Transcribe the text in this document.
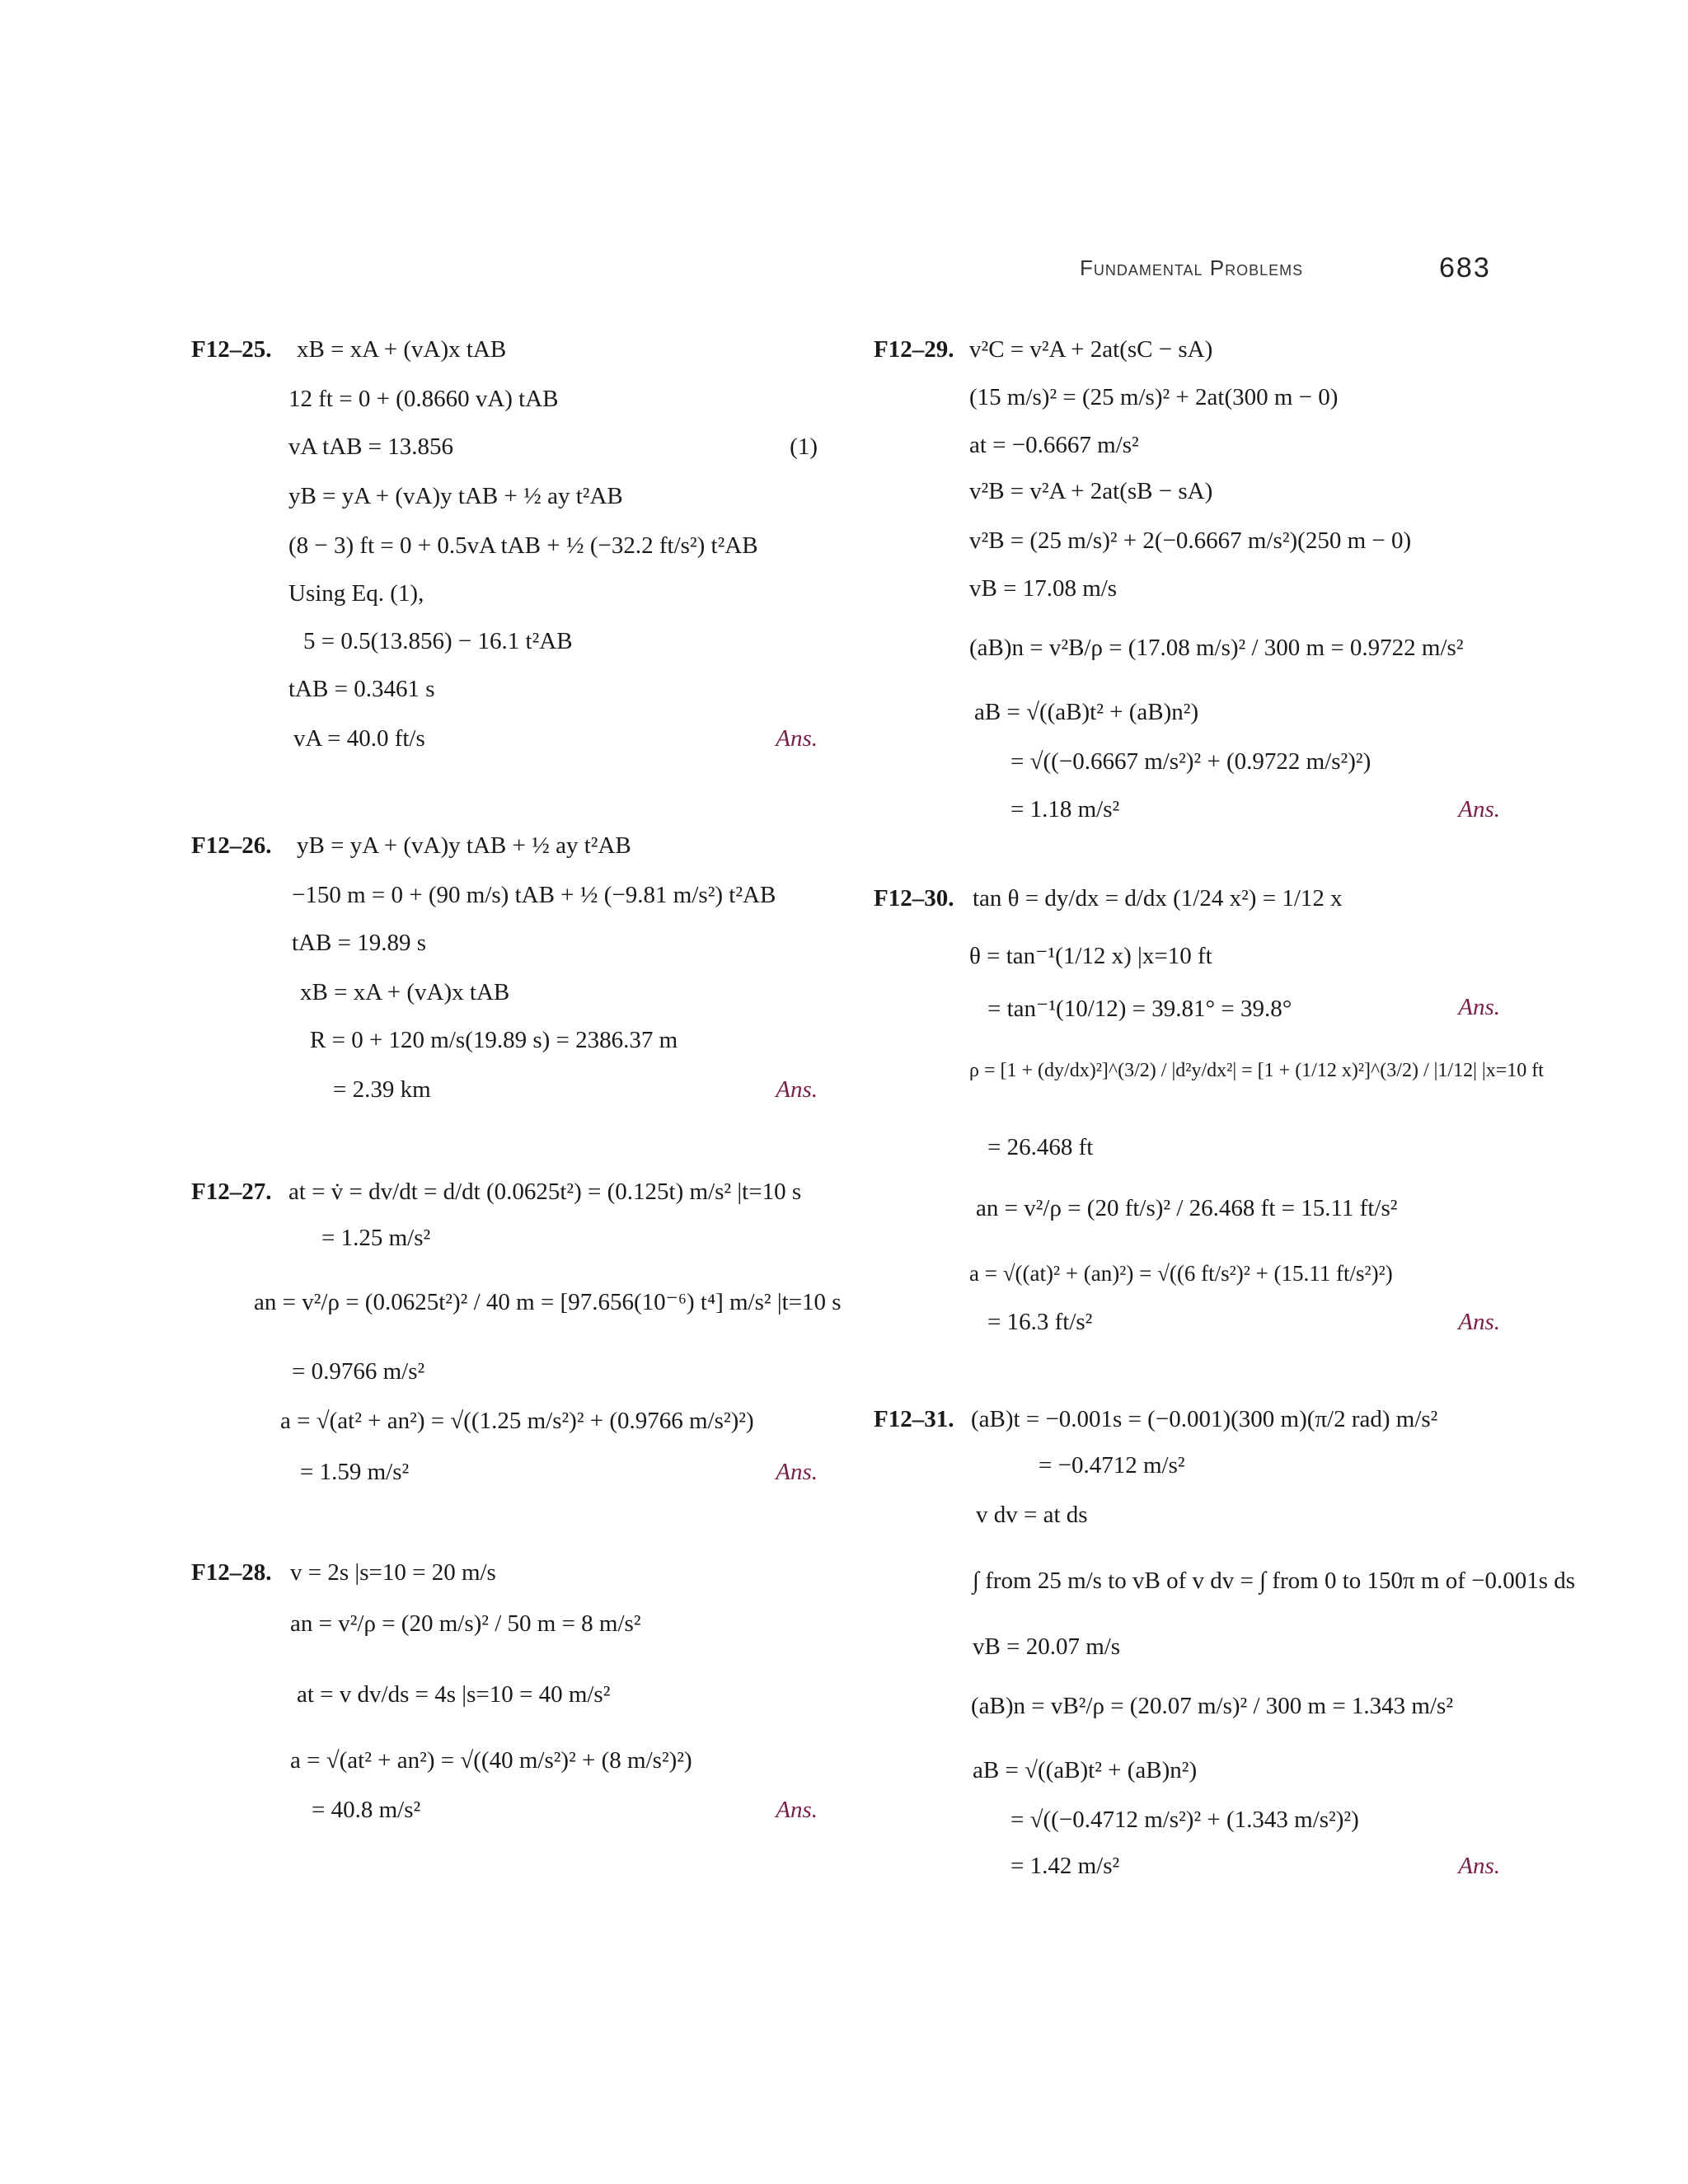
Fundamental Problems	683
F12–25. xB = xA + (vA)x tAB
12 ft = 0 + (0.8660 vA) tAB
vA tAB = 13.856	(1)
yB = yA + (vA)y tAB + ½ ay t²AB
(8 − 3) ft = 0 + 0.5vA tAB + ½ (−32.2 ft/s²) t²AB
Using Eq. (1),
5 = 0.5(13.856) − 16.1 t²AB
tAB = 0.3461 s
vA = 40.0 ft/s	Ans.
F12–26. yB = yA + (vA)y tAB + ½ ay t²AB
−150 m = 0 + (90 m/s) tAB + ½ (−9.81 m/s²) t²AB
tAB = 19.89 s
xB = xA + (vA)x tAB
R = 0 + 120 m/s(19.89 s) = 2386.37 m
= 2.39 km	Ans.
F12–27. at = v̇ = dv/dt = d/dt (0.0625t²) = (0.125t) m/s² |t=10 s
= 1.25 m/s²
an = v²/ρ = (0.0625t²)² / 40 m = [97.656(10⁻⁶) t⁴] m/s² |t=10 s
= 0.9766 m/s²
a = √(at² + an²) = √((1.25 m/s²)² + (0.9766 m/s²)²)
= 1.59 m/s²	Ans.
F12–28. v = 2s |s=10 = 20 m/s
an = v²/ρ = (20 m/s)² / 50 m = 8 m/s²
at = v dv/ds = 4s |s=10 = 40 m/s²
a = √(at² + an²) = √((40 m/s²)² + (8 m/s²)²)
= 40.8 m/s²	Ans.
F12–29. v²C = v²A + 2at(sC − sA)
(15 m/s)² = (25 m/s)² + 2at(300 m − 0)
at = −0.6667 m/s²
v²B = v²A + 2at(sB − sA)
v²B = (25 m/s)² + 2(−0.6667 m/s²)(250 m − 0)
vB = 17.08 m/s
(aB)n = v²B/ρ = (17.08 m/s)² / 300 m = 0.9722 m/s²
aB = √((aB)t² + (aB)n²)
= √((−0.6667 m/s²)² + (0.9722 m/s²)²)
= 1.18 m/s²	Ans.
F12–30. tan θ = dy/dx = d/dx (1/24 x²) = 1/12 x
θ = tan⁻¹(1/12 x) |x=10 ft
= tan⁻¹(10/12) = 39.81° = 39.8°	Ans.
ρ = [1 + (dy/dx)²]^(3/2) / |d²y/dx²| = [1 + (1/12 x)²]^(3/2) / |1/12| |x=10 ft
= 26.468 ft
an = v²/ρ = (20 ft/s)² / 26.468 ft = 15.11 ft/s²
a = √((at)² + (an)²) = √((6 ft/s²)² + (15.11 ft/s²)²)
= 16.3 ft/s²	Ans.
F12–31. (aB)t = −0.001s = (−0.001)(300 m)(π/2 rad) m/s²
= −0.4712 m/s²
v dv = at ds
∫ from 25 m/s to vB of v dv = ∫ from 0 to 150π m of −0.001s ds
vB = 20.07 m/s
(aB)n = vB²/ρ = (20.07 m/s)² / 300 m = 1.343 m/s²
aB = √((aB)t² + (aB)n²)
= √((−0.4712 m/s²)² + (1.343 m/s²)²)
= 1.42 m/s²	Ans.
